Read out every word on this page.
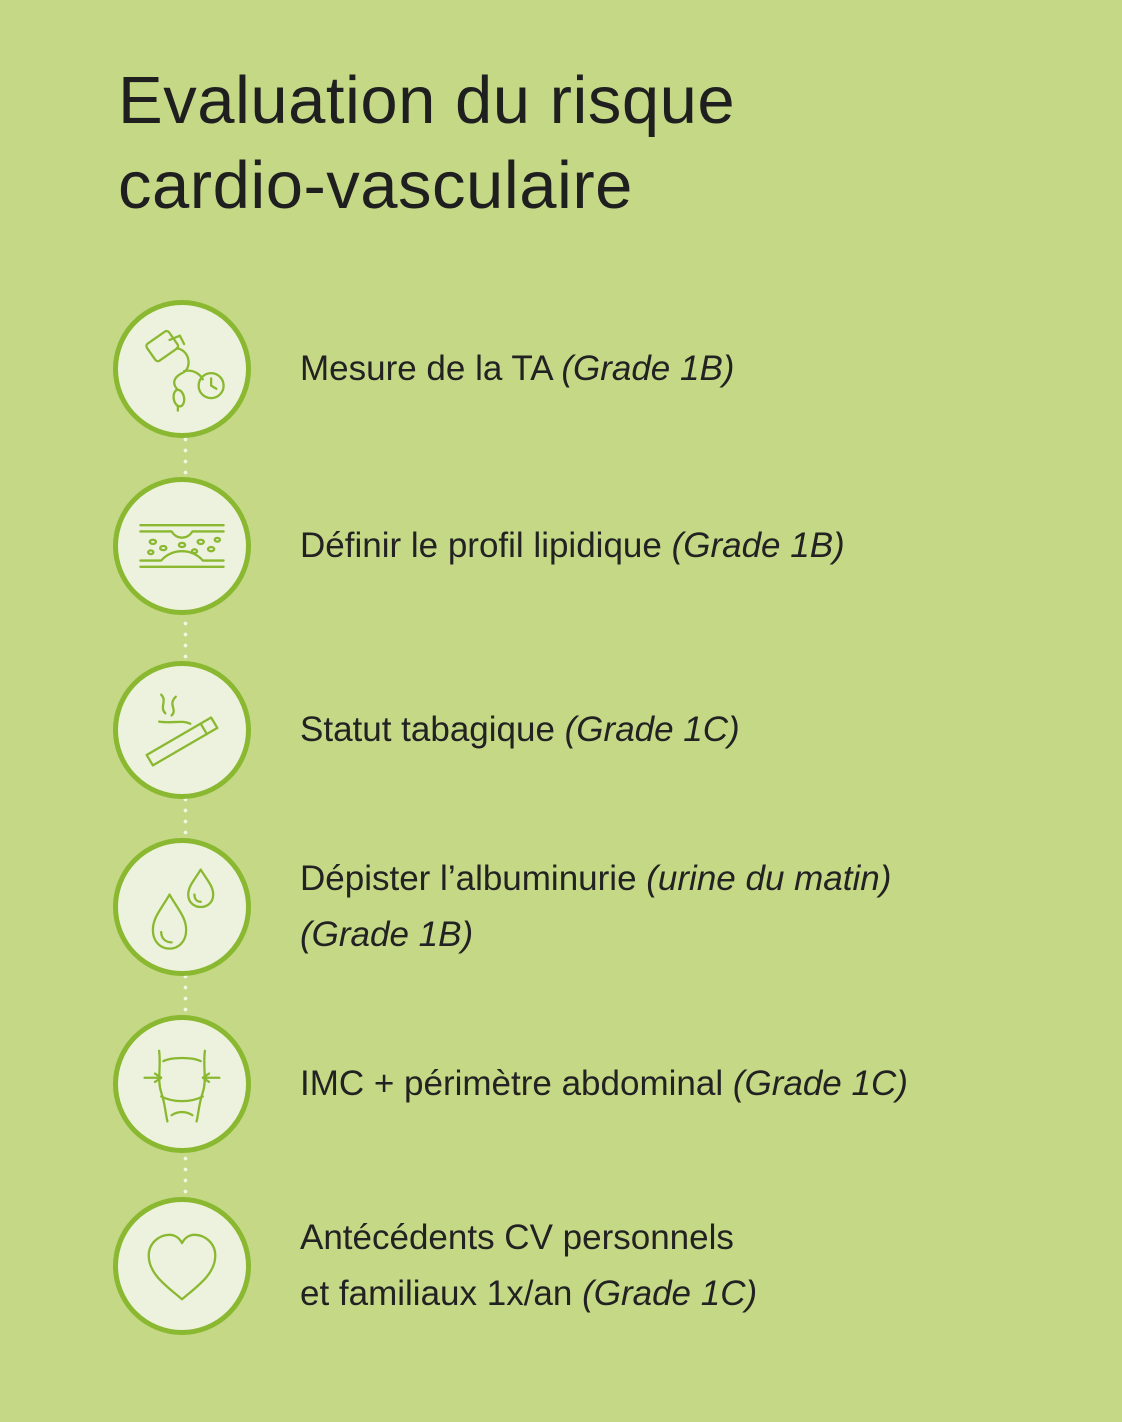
Evaluation du risque
cardio-vasculaire
Mesure de la TA (Grade 1B)
Définir le profil lipidique (Grade 1B)
Statut tabagique (Grade 1C)
Dépister l’albuminurie (urine du matin)
(Grade 1B)
IMC + périmètre abdominal (Grade 1C)
Antécédents CV personnels
et familiaux 1x/an (Grade 1C)
